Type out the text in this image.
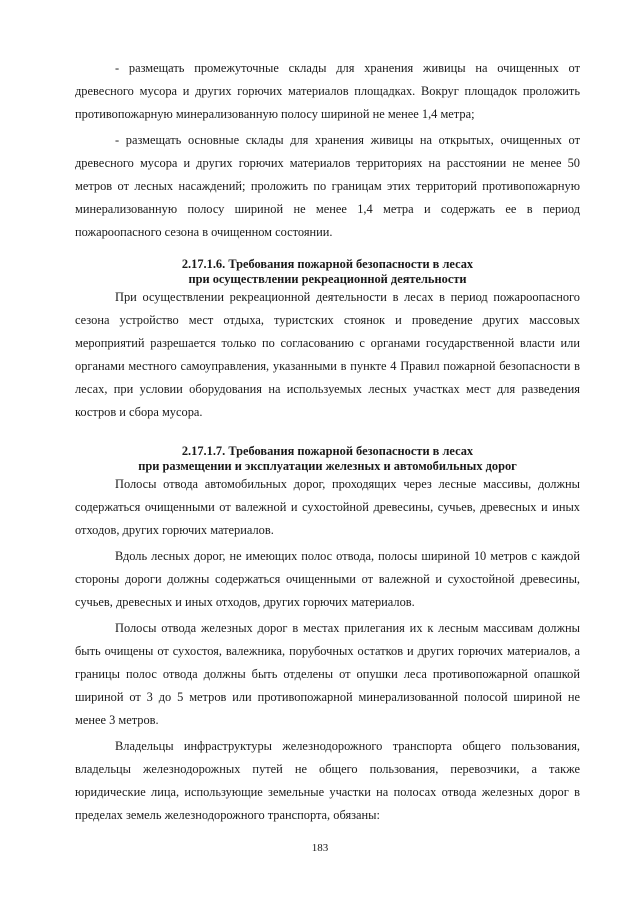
- размещать промежуточные склады для хранения живицы на очищенных от древесного мусора и других горючих материалов площадках. Вокруг площадок проложить противопожарную минерализованную полосу шириной не менее 1,4 метра;

- размещать основные склады для хранения живицы на открытых, очищенных от древесного мусора и других горючих материалов территориях на расстоянии не менее 50 метров от лесных насаждений; проложить по границам этих территорий противопожарную минерализованную полосу шириной не менее 1,4 метра и содержать ее в период пожароопасного сезона в очищенном состоянии.

2.17.1.6. Требования пожарной безопасности в лесах
при осуществлении рекреационной деятельности

При осуществлении рекреационной деятельности в лесах в период пожароопасного сезона устройство мест отдыха, туристских стоянок и проведение других массовых мероприятий разрешается только по согласованию с органами государственной власти или органами местного самоуправления, указанными в пункте 4 Правил пожарной безопасности в лесах, при условии оборудования на используемых лесных участках мест для разведения костров и сбора мусора.

2.17.1.7. Требования пожарной безопасности в лесах
при размещении и эксплуатации железных и автомобильных дорог

Полосы отвода автомобильных дорог, проходящих через лесные массивы, должны содержаться очищенными от валежной и сухостойной древесины, сучьев, древесных и иных отходов, других горючих материалов.

Вдоль лесных дорог, не имеющих полос отвода, полосы шириной 10 метров с каждой стороны дороги должны содержаться очищенными от валежной и сухостойной древесины, сучьев, древесных и иных отходов, других горючих материалов.

Полосы отвода железных дорог в местах прилегания их к лесным массивам должны быть очищены от сухостоя, валежника, порубочных остатков и других горючих материалов, а границы полос отвода должны быть отделены от опушки леса противопожарной опашкой шириной от 3 до 5 метров или противопожарной минерализованной полосой шириной не менее 3 метров.

Владельцы инфраструктуры железнодорожного транспорта общего пользования, владельцы железнодорожных путей не общего пользования, перевозчики, а также юридические лица, использующие земельные участки на полосах отвода железных дорог в пределах земель железнодорожного транспорта, обязаны:

183
